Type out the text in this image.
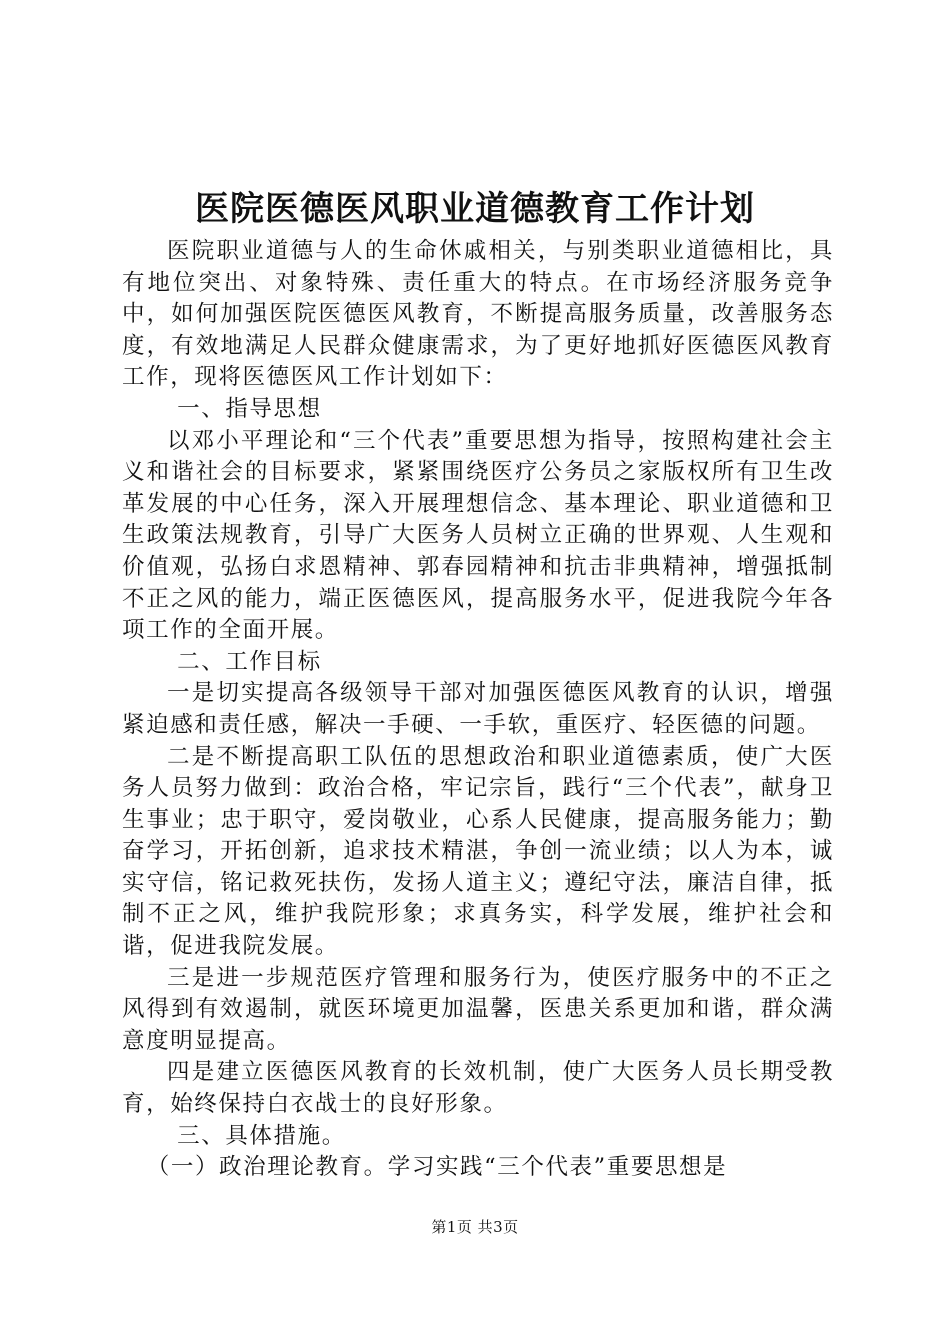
医院医德医风职业道德教育工作计划

医院职业道德与人的生命休戚相关，与别类职业道德相比，具有地位突出、对象特殊、责任重大的特点。在市场经济服务竞争中，如何加强医院医德医风教育，不断提高服务质量，改善服务态度，有效地满足人民群众健康需求，为了更好地抓好医德医风教育工作，现将医德医风工作计划如下：

一、指导思想

以邓小平理论和“三个代表”重要思想为指导，按照构建社会主义和谐社会的目标要求，紧紧围绕医疗公务员之家版权所有卫生改革发展的中心任务，深入开展理想信念、基本理论、职业道德和卫生政策法规教育，引导广大医务人员树立正确的世界观、人生观和价值观，弘扬白求恩精神、郭春园精神和抗击非典精神，增强抵制不正之风的能力，端正医德医风，提高服务水平，促进我院今年各项工作的全面开展。

二、工作目标

一是切实提高各级领导干部对加强医德医风教育的认识，增强紧迫感和责任感，解决一手硬、一手软，重医疗、轻医德的问题。

二是不断提高职工队伍的思想政治和职业道德素质，使广大医务人员努力做到：政治合格，牢记宗旨，践行“三个代表”，献身卫生事业；忠于职守，爱岗敬业，心系人民健康，提高服务能力；勤奋学习，开拓创新，追求技术精湛，争创一流业绩；以人为本，诚实守信，铭记救死扶伤，发扬人道主义；遵纪守法，廉洁自律，抵制不正之风，维护我院形象；求真务实，科学发展，维护社会和谐，促进我院发展。

三是进一步规范医疗管理和服务行为，使医疗服务中的不正之风得到有效遏制，就医环境更加温馨，医患关系更加和谐，群众满意度明显提高。

四是建立医德医风教育的长效机制，使广大医务人员长期受教育，始终保持白衣战士的良好形象。

三、具体措施。

（一）政治理论教育。学习实践“三个代表”重要思想是

第1页 共3页
